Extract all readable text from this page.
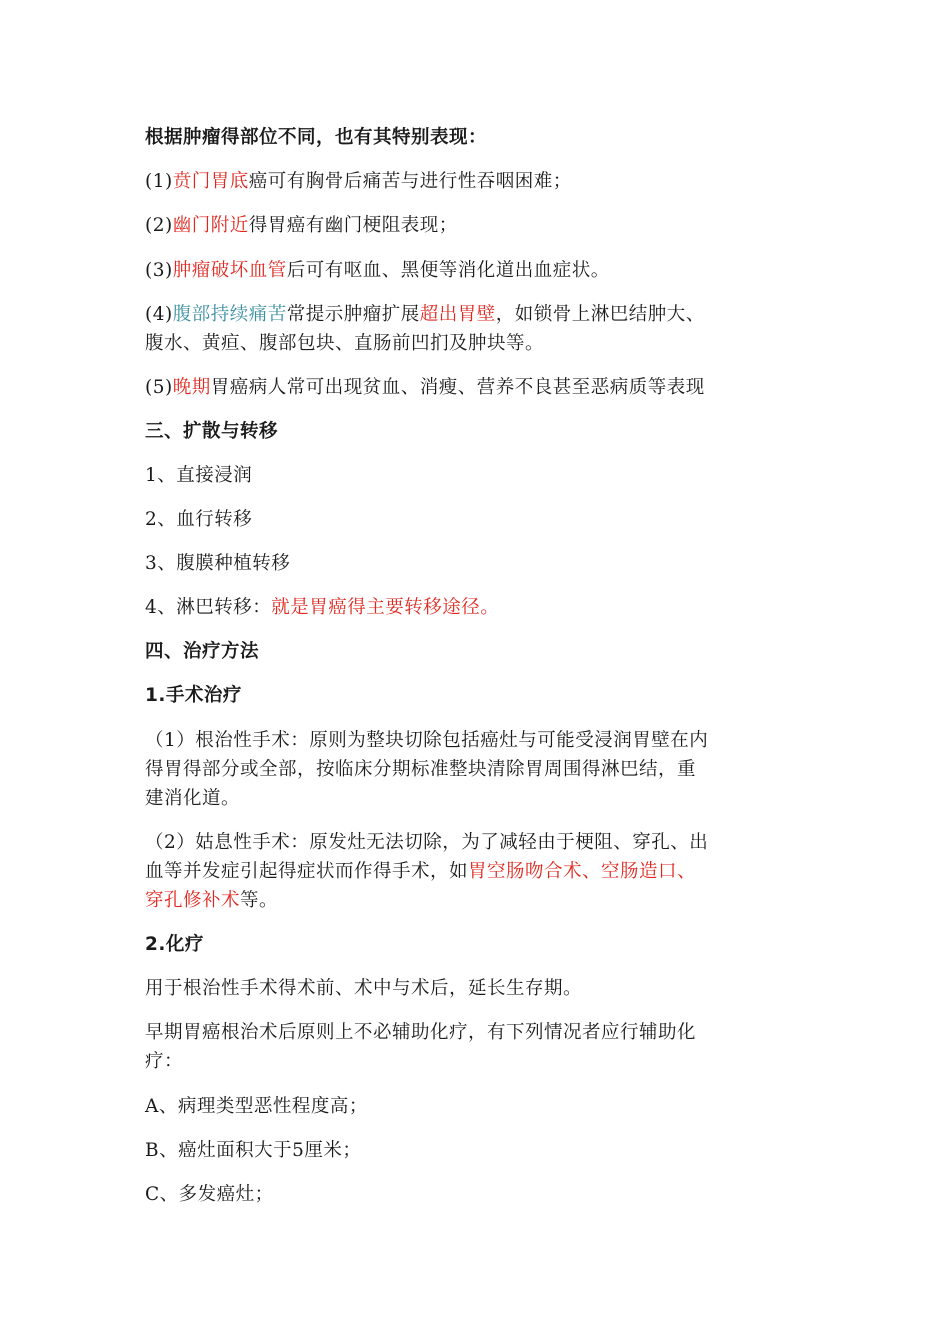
根据肿瘤得部位不同，也有其特别表现：
(1)贲门胃底癌可有胸骨后痛苦与进行性吞咽困难；
(2)幽门附近得胃癌有幽门梗阻表现；
(3)肿瘤破坏血管后可有呕血、黑便等消化道出血症状。
(4)腹部持续痛苦常提示肿瘤扩展超出胃壁，如锁骨上淋巴结肿大、
腹水、黄疸、腹部包块、直肠前凹扪及肿块等。
(5)晚期胃癌病人常可出现贫血、消瘦、营养不良甚至恶病质等表现
三、扩散与转移
1、直接浸润
2、血行转移
3、腹膜种植转移
4、淋巴转移：就是胃癌得主要转移途径。
四、治疗方法
1.手术治疗
（1）根治性手术：原则为整块切除包括癌灶与可能受浸润胃壁在内
得胃得部分或全部，按临床分期标准整块清除胃周围得淋巴结，重
建消化道。
（2）姑息性手术：原发灶无法切除，为了减轻由于梗阻、穿孔、出
血等并发症引起得症状而作得手术，如胃空肠吻合术、空肠造口、
穿孔修补术等。
2.化疗
用于根治性手术得术前、术中与术后，延长生存期。
早期胃癌根治术后原则上不必辅助化疗，有下列情况者应行辅助化
疗：
A、病理类型恶性程度高；
B、癌灶面积大于5厘米；
C、多发癌灶；
